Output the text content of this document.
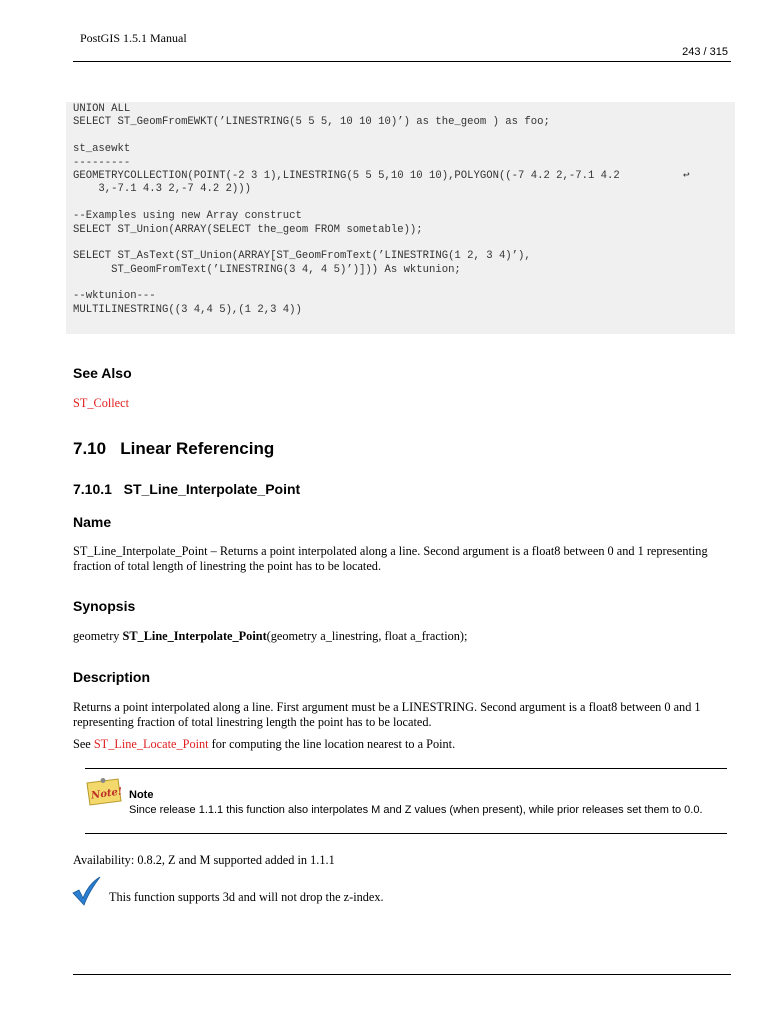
PostGIS 1.5.1 Manual
243 / 315
UNION ALL
SELECT ST_GeomFromEWKT(’LINESTRING(5 5 5, 10 10 10)’) as the_geom ) as foo;
st_asewkt
---------
GEOMETRYCOLLECTION(POINT(-2 3 1),LINESTRING(5 5 5,10 10 10),POLYGON((-7 4.2 2,-7.1 4.2	↩
3,-7.1 4.3 2,-7 4.2 2)))
--Examples using new Array construct
SELECT ST_Union(ARRAY(SELECT the_geom FROM sometable));
SELECT ST_AsText(ST_Union(ARRAY[ST_GeomFromText(’LINESTRING(1 2, 3 4)’),
ST_GeomFromText(’LINESTRING(3 4, 4 5)’)])) As wktunion;
--wktunion---
MULTILINESTRING((3 4,4 5),(1 2,3 4))
See Also
ST_Collect
7.10 Linear Referencing
7.10.1 ST_Line_Interpolate_Point
Name
ST_Line_Interpolate_Point – Returns a point interpolated along a line. Second argument is a float8 between 0 and 1 representing fraction of total length of linestring the point has to be located.
Synopsis
geometry ST_Line_Interpolate_Point(geometry a_linestring, float a_fraction);
Description
Returns a point interpolated along a line. First argument must be a LINESTRING. Second argument is a float8 between 0 and 1 representing fraction of total linestring length the point has to be located.
See ST_Line_Locate_Point for computing the line location nearest to a Point.
Note! Note
Since release 1.1.1 this function also interpolates M and Z values (when present), while prior releases set them to 0.0.
Availability: 0.8.2, Z and M supported added in 1.1.1
This function supports 3d and will not drop the z-index.
